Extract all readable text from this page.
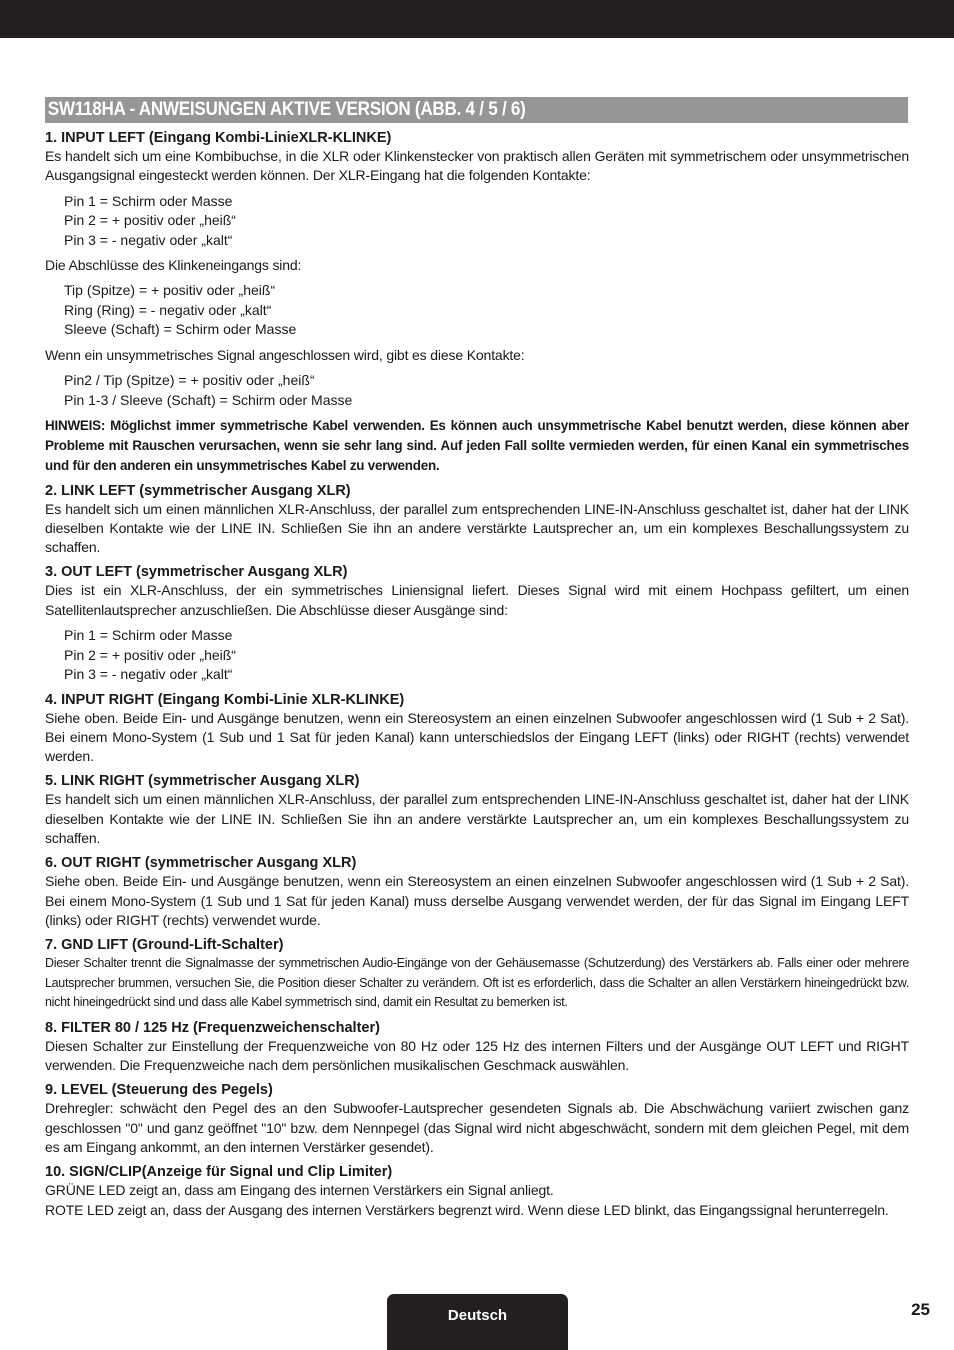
SW118HA - ANWEISUNGEN AKTIVE VERSION (ABB. 4 / 5 / 6)
1. INPUT LEFT (Eingang Kombi-LinieXLR-KLINKE)
Es handelt sich um eine Kombibuchse, in die XLR oder Klinkenstecker von praktisch allen Geräten mit symmetrischem oder unsymmetrischen Ausgangsignal eingesteckt werden können. Der XLR-Eingang hat die folgenden Kontakte:
Pin 1 = Schirm oder Masse
Pin 2 = + positiv oder „heiß“
Pin 3 = - negativ oder „kalt“
Die Abschlüsse des Klinkeneingangs sind:
Tip (Spitze) = + positiv oder „heiß“
Ring (Ring) = - negativ oder „kalt“
Sleeve (Schaft) = Schirm oder Masse
Wenn ein unsymmetrisches Signal angeschlossen wird, gibt es diese Kontakte:
Pin2 / Tip (Spitze) = + positiv oder „heiß“
Pin 1-3 / Sleeve (Schaft) = Schirm oder Masse
HINWEIS: Möglichst immer symmetrische Kabel verwenden. Es können auch unsymmetrische Kabel benutzt werden, diese können aber Probleme mit Rauschen verursachen, wenn sie sehr lang sind. Auf jeden Fall sollte vermieden werden, für einen Kanal ein symmetrisches und für den anderen ein unsymmetrisches Kabel zu verwenden.
2. LINK LEFT (symmetrischer Ausgang XLR)
Es handelt sich um einen männlichen XLR-Anschluss, der parallel zum entsprechenden LINE-IN-Anschluss geschaltet ist, daher hat der LINK dieselben Kontakte wie der LINE IN. Schließen Sie ihn an andere verstärkte Lautsprecher an, um ein komplexes Beschallungssystem zu schaffen.
3. OUT LEFT (symmetrischer Ausgang XLR)
Dies ist ein XLR-Anschluss, der ein symmetrisches Liniensignal liefert. Dieses Signal wird mit einem Hochpass gefiltert, um einen Satellitenlautsprecher anzuschließen. Die Abschlüsse dieser Ausgänge sind:
Pin 1 = Schirm oder Masse
Pin 2 = + positiv oder „heiß“
Pin 3 = - negativ oder „kalt“
4. INPUT RIGHT (Eingang Kombi-Linie XLR-KLINKE)
Siehe oben. Beide Ein- und Ausgänge benutzen, wenn ein Stereosystem an einen einzelnen Subwoofer angeschlossen wird (1 Sub + 2 Sat). Bei einem Mono-System (1 Sub und 1 Sat für jeden Kanal) kann unterschiedslos der Eingang LEFT (links) oder RIGHT (rechts) verwendet werden.
5. LINK RIGHT (symmetrischer Ausgang XLR)
Es handelt sich um einen männlichen XLR-Anschluss, der parallel zum entsprechenden LINE-IN-Anschluss geschaltet ist, daher hat der LINK dieselben Kontakte wie der LINE IN. Schließen Sie ihn an andere verstärkte Lautsprecher an, um ein komplexes Beschallungssystem zu schaffen.
6. OUT RIGHT (symmetrischer Ausgang XLR)
Siehe oben. Beide Ein- und Ausgänge benutzen, wenn ein Stereosystem an einen einzelnen Subwoofer angeschlossen wird (1 Sub + 2 Sat). Bei einem Mono-System (1 Sub und 1 Sat für jeden Kanal) muss derselbe Ausgang verwendet werden, der für das Signal im Eingang LEFT (links) oder RIGHT (rechts) verwendet wurde.
7. GND LIFT (Ground-Lift-Schalter)
Dieser Schalter trennt die Signalmasse der symmetrischen Audio-Eingänge von der Gehäusemasse (Schutzerdung) des Verstärkers ab. Falls einer oder mehrere Lautsprecher brummen, versuchen Sie, die Position dieser Schalter zu verändern. Oft ist es erforderlich, dass die Schalter an allen Verstärkern hineingedrückt bzw. nicht hineingedrückt sind und dass alle Kabel symmetrisch sind, damit ein Resultat zu bemerken ist.
8. FILTER 80 / 125 Hz (Frequenzweichenschalter)
Diesen Schalter zur Einstellung der Frequenzweiche von 80 Hz oder 125 Hz des internen Filters und der Ausgänge OUT LEFT und RIGHT verwenden. Die Frequenzweiche nach dem persönlichen musikalischen Geschmack auswählen.
9. LEVEL (Steuerung des Pegels)
Drehregler: schwächt den Pegel des an den Subwoofer-Lautsprecher gesendeten Signals ab. Die Abschwächung variiert zwischen ganz geschlossen "0" und ganz geöffnet "10" bzw. dem Nennpegel (das Signal wird nicht abgeschwächt, sondern mit dem gleichen Pegel, mit dem es am Eingang ankommt, an den internen Verstärker gesendet).
10. SIGN/CLIP(Anzeige für Signal und Clip Limiter)
GRÜNE LED zeigt an, dass am Eingang des internen Verstärkers ein Signal anliegt.
ROTE LED zeigt an, dass der Ausgang des internen Verstärkers begrenzt wird. Wenn diese LED blinkt, das Eingangssignal herunterregeln.
Deutsch	25
